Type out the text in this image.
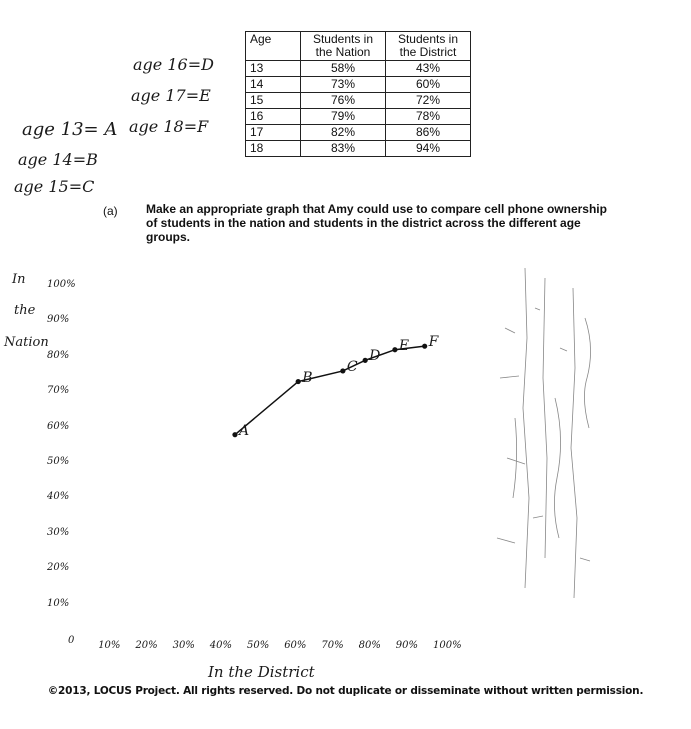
Age	Students in the Nation	Students in the District
13	58%	43%
14	73%	60%
15	76%	72%
16	79%	78%
17	82%	86%
18	83%	94%
age 13= A
age 14=B
age 15=C
age 16=D
age 17=E
age 18=F
(a) Make an appropriate graph that Amy could use to compare cell phone ownership of students in the nation and students in the district across the different age groups.
In
the
Nation
In the District
0
100%
90%
80%
70%
60%
50%
40%
30%
20%
10%
10% 20% 30% 40% 50% 60% 70% 80% 90% 100%
A
B
C
D
E F
©2013, LOCUS Project. All rights reserved. Do not duplicate or disseminate without written permission.
